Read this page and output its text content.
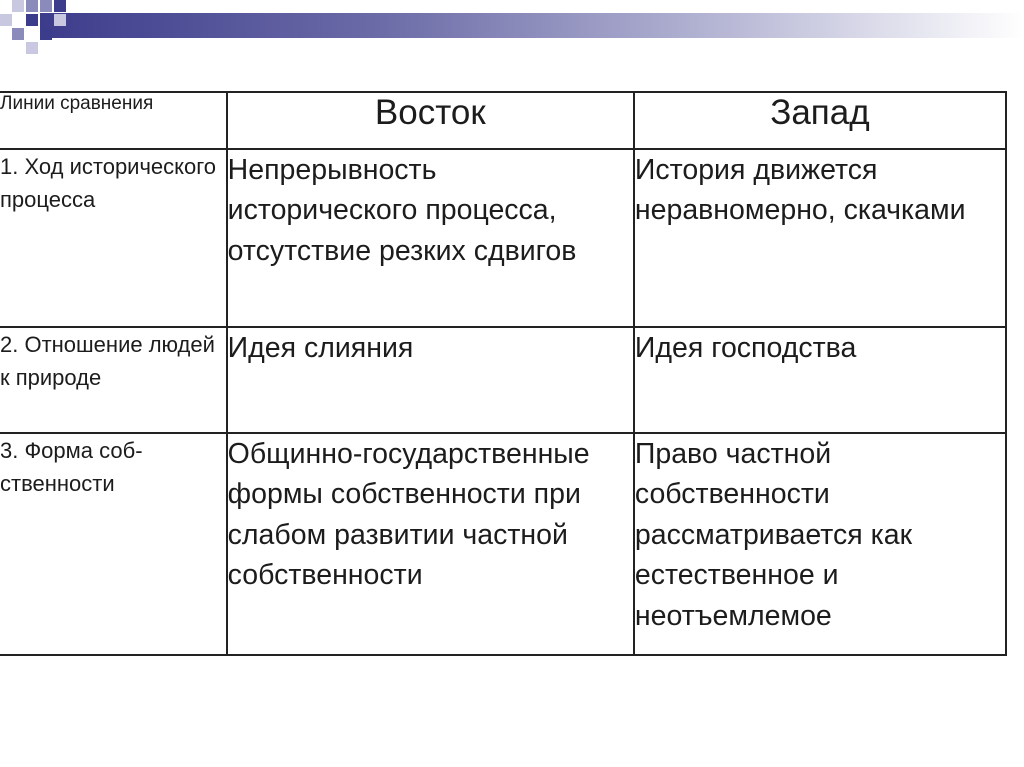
Линии сравнения	Восток	Запад
1. Ход исторического процесса	Непрерывность исторического процесса, отсутствие резких сдвигов	История движется неравномерно, скачками
2. Отношение людей к природе	Идея слияния	Идея господства
3. Форма соб-ственности	Общинно-государственные формы собственности при слабом развитии частной собственности	Право частной собственности рассматривается как естественное и неотъемлемое
